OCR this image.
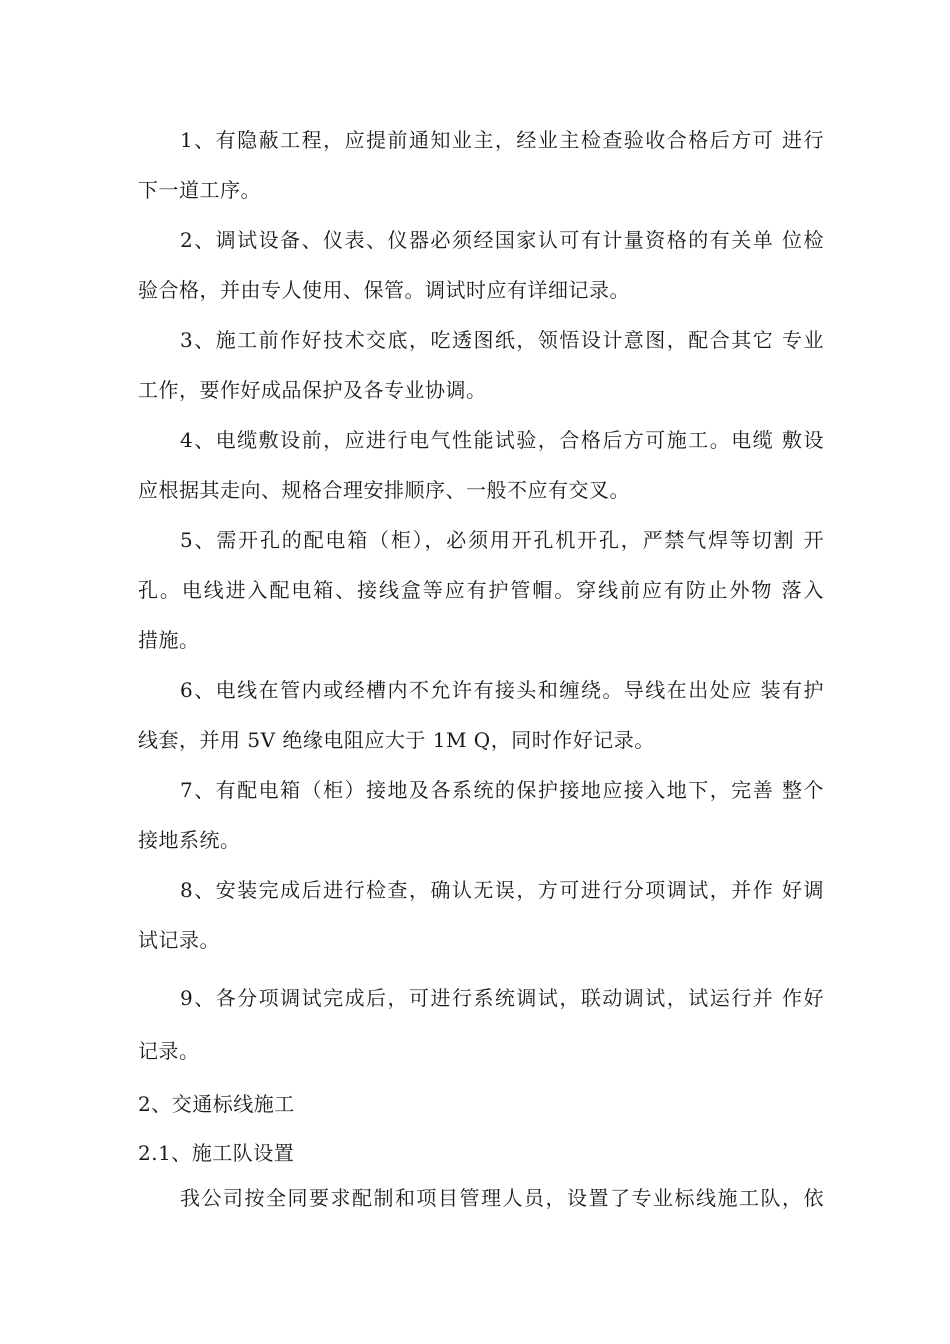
1、有隐蔽工程，应提前通知业主，经业主检查验收合格后方可 进行
下一道工序。
2、调试设备、仪表、仪器必须经国家认可有计量资格的有关单 位检
验合格，并由专人使用、保管。调试时应有详细记录。
3、施工前作好技术交底，吃透图纸，领悟设计意图，配合其它 专业
工作，要作好成品保护及各专业协调。
4、电缆敷设前，应进行电气性能试验，合格后方可施工。电缆 敷设
应根据其走向、规格合理安排顺序、一般不应有交叉。
5、需开孔的配电箱（柜），必须用开孔机开孔，严禁气焊等切割 开
孔。电线进入配电箱、接线盒等应有护管帽。穿线前应有防止外物 落入
措施。
6、电线在管内或经槽内不允许有接头和缠绕。导线在出处应 装有护
线套，并用 5V 绝缘电阻应大于 1M Q，同时作好记录。
7、有配电箱（柜）接地及各系统的保护接地应接入地下，完善 整个
接地系统。
8、安装完成后进行检查，确认无误，方可进行分项调试，并作 好调
试记录。
9、各分项调试完成后，可进行系统调试，联动调试，试运行并 作好
记录。
2、交通标线施工
2.1、施工队设置
我公司按全同要求配制和项目管理人员，设置了专业标线施工队，依
